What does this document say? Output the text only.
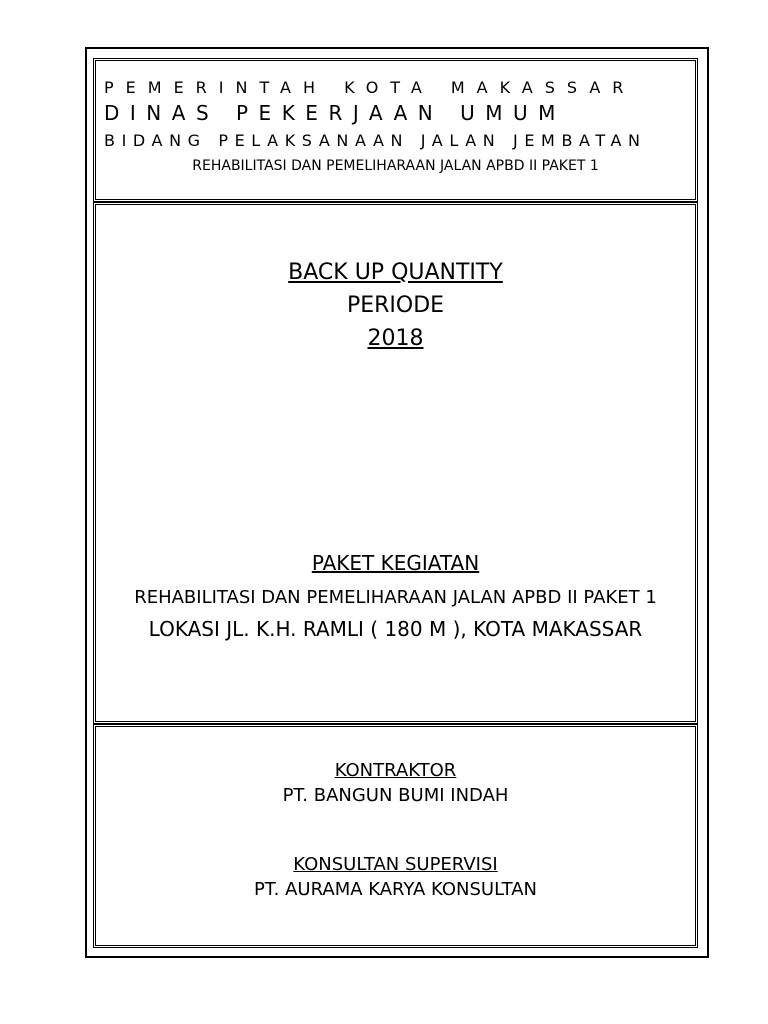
PEMERINTAH KOTA MAKASSAR
DINAS PEKERJAAN UMUM
BIDANG PELAKSANAAN JALAN JEMBATAN
REHABILITASI DAN PEMELIHARAAN JALAN APBD II PAKET 1
BACK UP QUANTITY
PERIODE
2018
PAKET KEGIATAN
REHABILITASI DAN PEMELIHARAAN JALAN APBD II PAKET 1
LOKASI JL. K.H. RAMLI ( 180 M ), KOTA MAKASSAR
KONTRAKTOR
PT. BANGUN BUMI INDAH
KONSULTAN SUPERVISI
PT. AURAMA KARYA KONSULTAN
